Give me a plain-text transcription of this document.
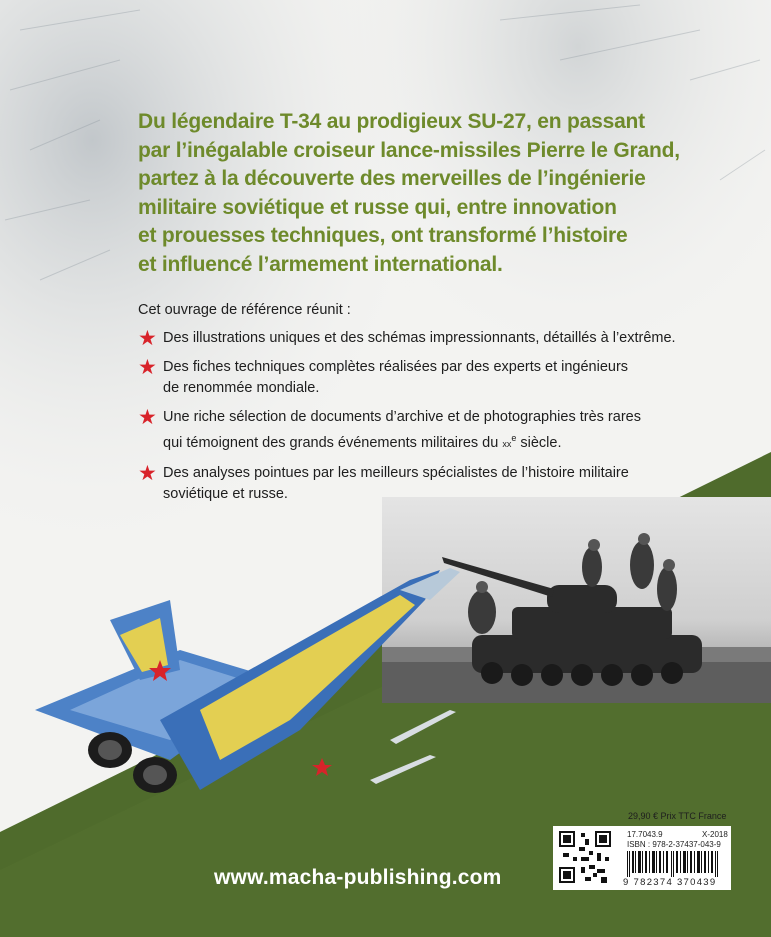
Du légendaire T-34 au prodigieux SU-27, en passant
par l’inégalable croiseur lance-missiles Pierre le Grand,
partez à la découverte des merveilles de l’ingénierie
militaire soviétique et russe qui, entre innovation
et prouesses techniques, ont transformé l’histoire
et influencé l’armement international.

Cet ouvrage de référence réunit :

★ Des illustrations uniques et des schémas impressionnants, détaillés à l’extrême.
★ Des fiches techniques complètes réalisées par des experts et ingénieurs
de renommée mondiale.
★ Une riche sélection de documents d’archive et de photographies très rares
qui témoignent des grands événements militaires du $xx^e$ siècle.
★ Des analyses pointues par les meilleurs spécialistes de l’histoire militaire
soviétique et russe.

www.macha-publishing.com

29,90 € Prix TTC France
17.7043.9	X-2018
ISBN : 978-2-37437-043-9
9 782374 370439
